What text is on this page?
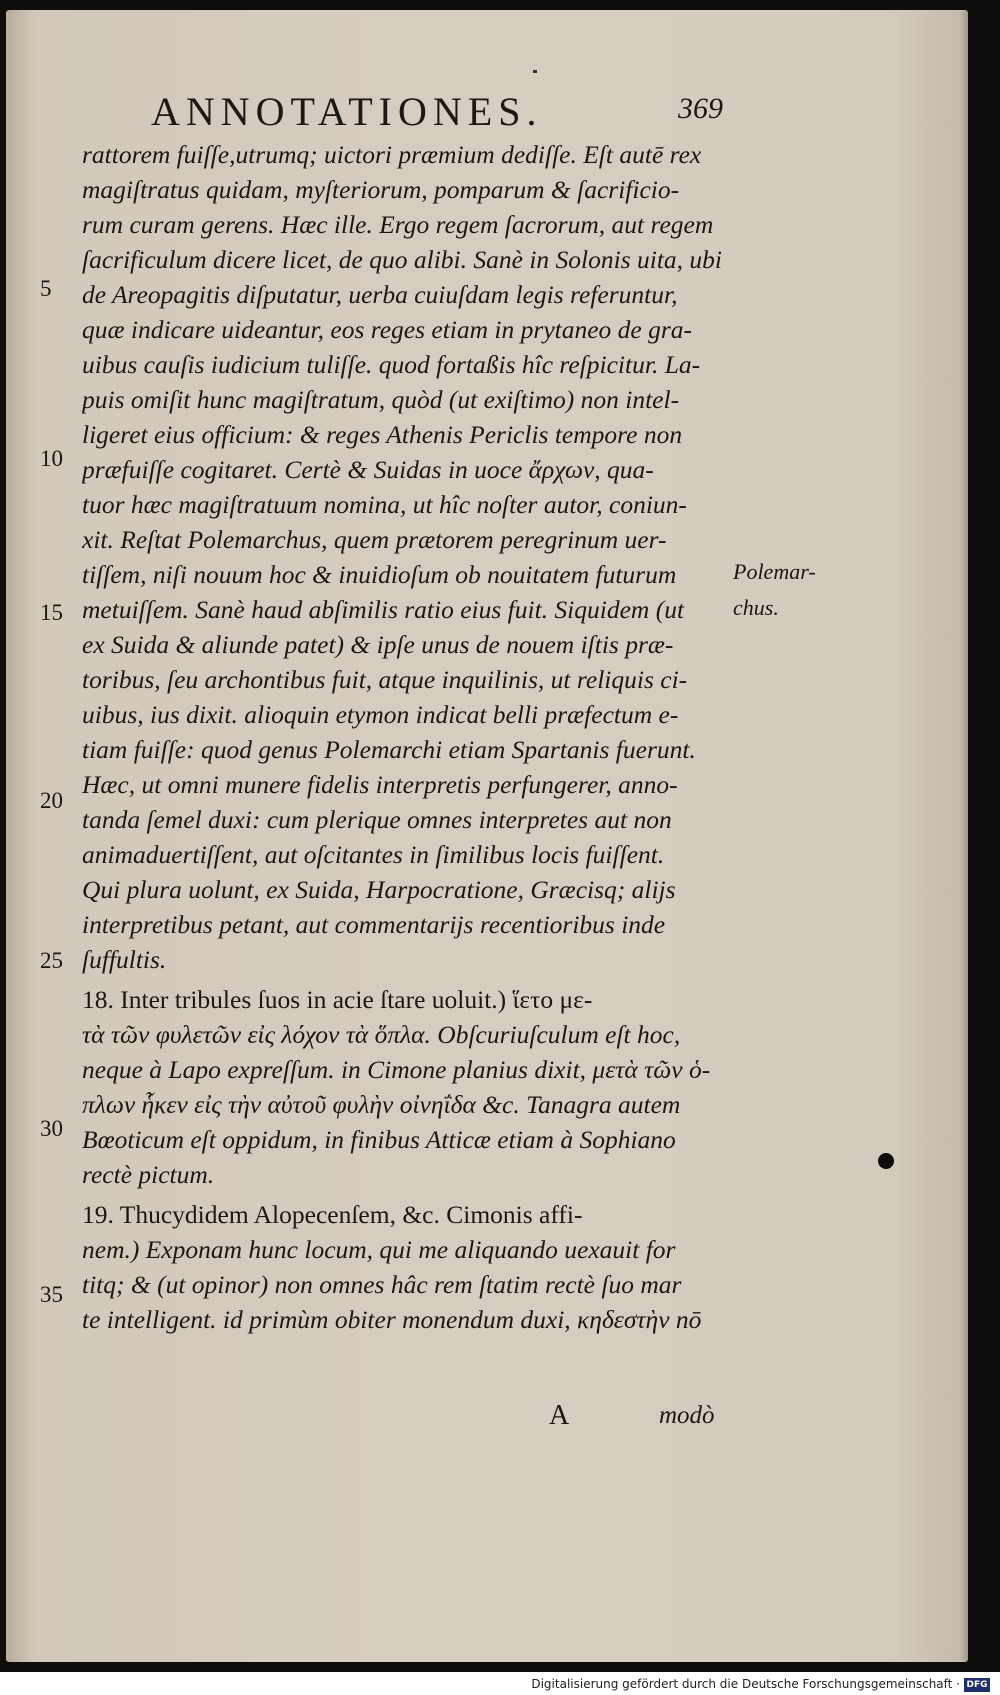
ANNOTATIONES.	369
rattorem fuiſſe,utrumq; uictori præmium dediſſe. Eſt autē rex
magiſtratus quidam, myſteriorum, pomparum & ſacrificio-
rum curam gerens. Hæc ille. Ergo regem ſacrorum, aut regem
ſacrificulum dicere licet, de quo alibi. Sanè in Solonis uita, ubi
de Areopagitis diſputatur, uerba cuiuſdam legis referuntur,
quæ indicare uideantur, eos reges etiam in prytaneo de gra-
uibus cauſis iudicium tuliſſe. quod fortaßis hîc reſpicitur. La-
puis omiſit hunc magiſtratum, quòd (ut exiſtimo) non intel-
ligeret eius officium: & reges Athenis Periclis tempore non
præfuiſſe cogitaret. Certè & Suidas in uoce ἄρχων, qua-
tuor hæc magiſtratuum nomina, ut hîc noſter autor, coniun-
xit. Reſtat Polemarchus, quem prætorem peregrinum uer-
tiſſem, niſi nouum hoc & inuidioſum ob nouitatem futurum
metuiſſem. Sanè haud abſimilis ratio eius fuit. Siquidem (ut
ex Suida & aliunde patet) & ipſe unus de nouem iſtis præ-
toribus, ſeu archontibus fuit, atque inquilinis, ut reliquis ci-
uibus, ius dixit. alioquin etymon indicat belli præfectum e-
tiam fuiſſe: quod genus Polemarchi etiam Spartanis fuerunt.
Hæc, ut omni munere fidelis interpretis perfungerer, anno-
tanda ſemel duxi: cum plerique omnes interpretes aut non
animaduertiſſent, aut oſcitantes in ſimilibus locis fuiſſent.
Qui plura uolunt, ex Suida, Harpocratione, Græcisq; alijs
interpretibus petant, aut commentarijs recentioribus inde
ſuffultis.
18. Inter tribules ſuos in acie ſtare uoluit.) ἵετο με-
τὰ τῶν φυλετῶν εἰς λόχον τὰ ὅπλα. Obſcuriuſculum eſt hoc,
neque à Lapo expreſſum. in Cimone planius dixit, μετὰ τῶν ὁ-
πλων ἧκεν εἰς τὴν αὐτοῦ φυλὴν οἰνηΐδα &c. Tanagra autem
Bœoticum eſt oppidum, in finibus Atticæ etiam à Sophiano
rectè pictum.
19. Thucydidem Alopecenſem, &c. Cimonis affi-
nem.) Exponam hunc locum, qui me aliquando uexauit for
titq; & (ut opinor) non omnes hâc rem ſtatim rectè ſuo mar
te intelligent. id primùm obiter monendum duxi, κηδεστὴν nō
5
10
15
20
25
30
35
Polemar-
chus.
A	modò
Digitalisierung gefördert durch die Deutsche Forschungsgemeinschaft · DFG
